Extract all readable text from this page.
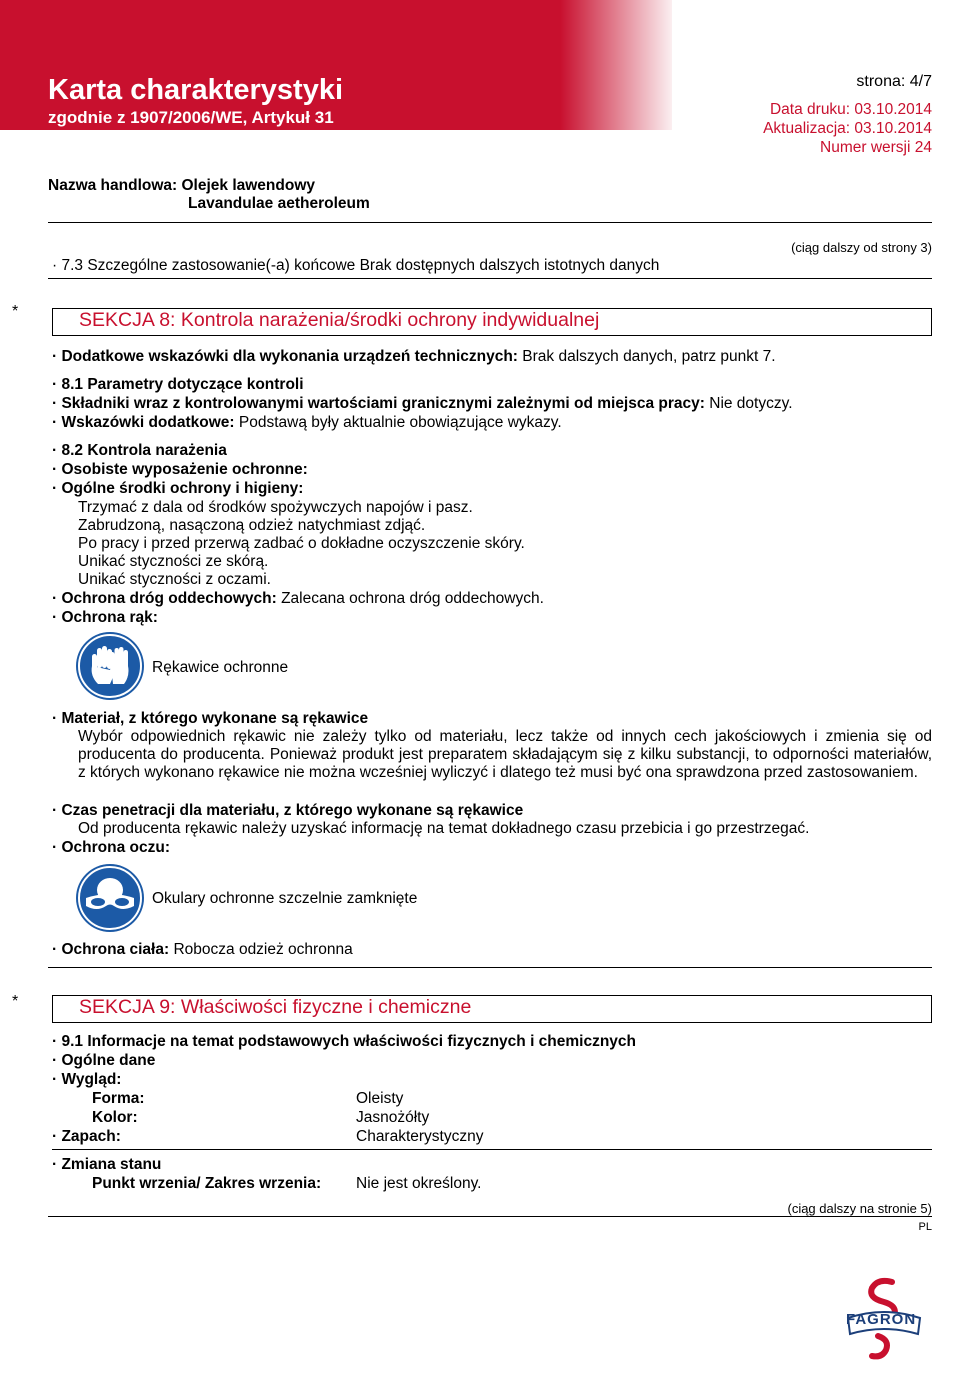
Karta charakterystyki
zgodnie z 1907/2006/WE, Artykuł 31
strona: 4/7
Data druku: 03.10.2014
Aktualizacja: 03.10.2014
Numer wersji 24
Nazwa handlowa: Olejek lawendowy
Lavandulae aetheroleum
(ciąg dalszy od strony 3)
· 7.3 Szczególne zastosowanie(-a) końcowe Brak dostępnych dalszych istotnych danych
*	SEKCJA 8: Kontrola narażenia/środki ochrony indywidualnej
· Dodatkowe wskazówki dla wykonania urządzeń technicznych: Brak dalszych danych, patrz punkt 7.
· 8.1 Parametry dotyczące kontroli
· Składniki wraz z kontrolowanymi wartościami granicznymi zależnymi od miejsca pracy: Nie dotyczy.
· Wskazówki dodatkowe: Podstawą były aktualnie obowiązujące wykazy.
· 8.2 Kontrola narażenia
· Osobiste wyposażenie ochronne:
· Ogólne środki ochrony i higieny:
Trzymać z dala od środków spożywczych napojów i pasz.
Zabrudzoną, nasączoną odzież natychmiast zdjąć.
Po pracy i przed przerwą zadbać o dokładne oczyszczenie skóry.
Unikać styczności ze skórą.
Unikać styczności z oczami.
· Ochrona dróg oddechowych: Zalecana ochrona dróg oddechowych.
· Ochrona rąk:
Rękawice ochronne
· Materiał, z którego wykonane są rękawice
Wybór odpowiednich rękawic nie zależy tylko od materiału, lecz także od innych cech jakościowych i zmienia się od producenta do producenta. Ponieważ produkt jest preparatem składającym się z kilku substancji, to odporności materiałów, z których wykonano rękawice nie można wcześniej wyliczyć i dlatego też musi być ona sprawdzona przed zastosowaniem.
· Czas penetracji dla materiału, z którego wykonane są rękawice
Od producenta rękawic należy uzyskać informację na temat dokładnego czasu przebicia i go przestrzegać.
· Ochrona oczu:
Okulary ochronne szczelnie zamknięte
· Ochrona ciała: Robocza odzież ochronna
*	SEKCJA 9: Właściwości fizyczne i chemiczne
· 9.1 Informacje na temat podstawowych właściwości fizycznych i chemicznych
· Ogólne dane
· Wygląd:
Forma:	Oleisty
Kolor:	Jasnożółty
· Zapach:	Charakterystyczny
· Zmiana stanu
Punkt wrzenia/ Zakres wrzenia: Nie jest określony.
(ciąg dalszy na stronie 5)
PL
FAGRON
